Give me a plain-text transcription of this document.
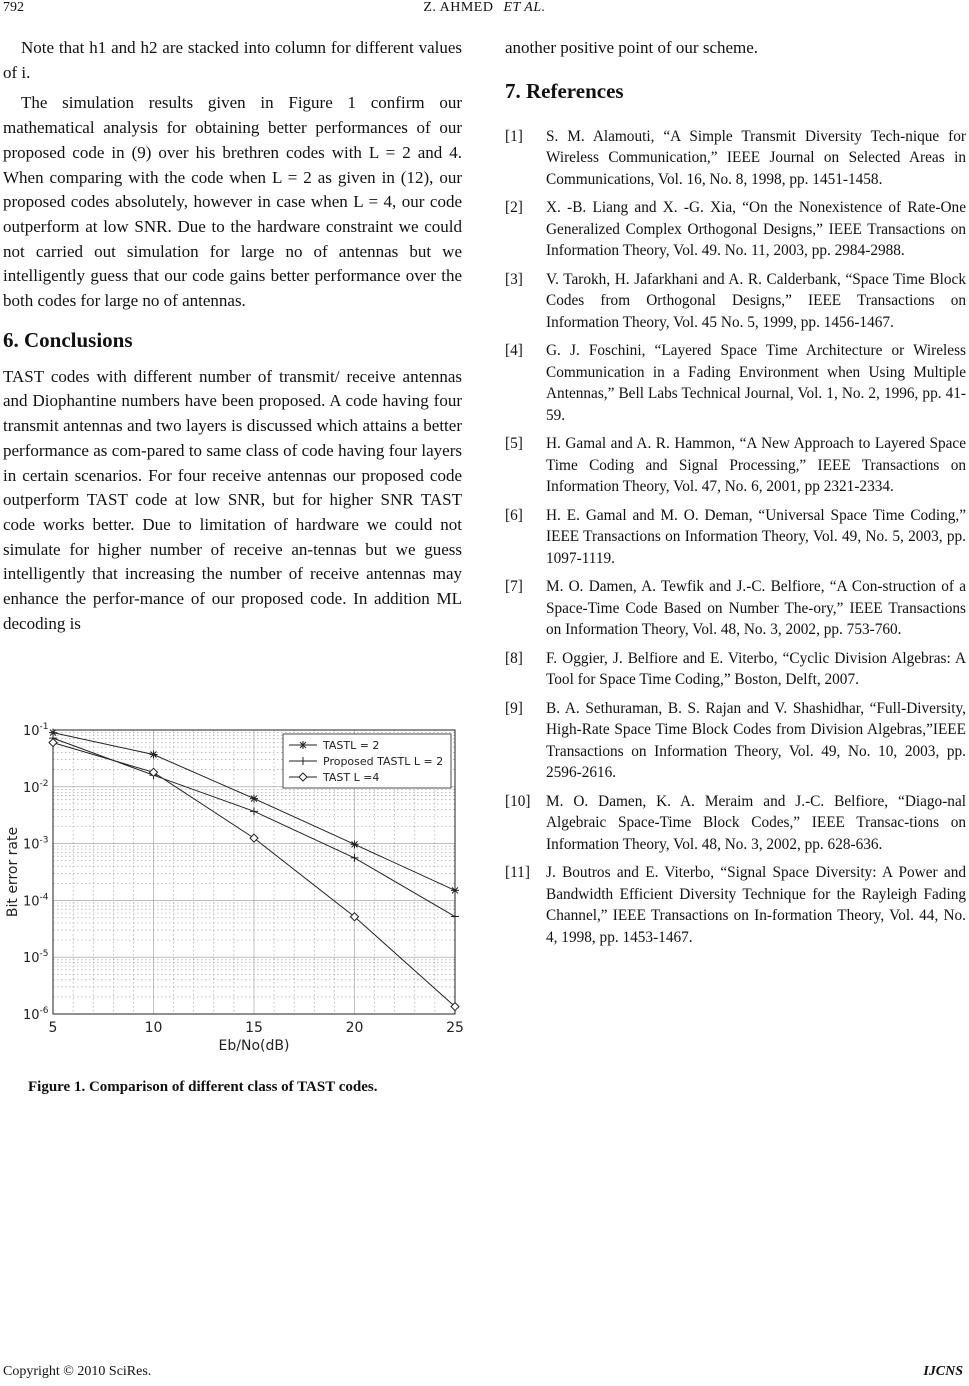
792	Z. AHMED ET AL.

Note that h1 and h2 are stacked into column for different values of i.

The simulation results given in Figure 1 confirm our mathematical analysis for obtaining better performances of our proposed code in (9) over his brethren codes with L = 2 and 4. When comparing with the code when L = 2 as given in (12), our proposed codes absolutely, however in case when L = 4, our code outperform at low SNR. Due to the hardware constraint we could not carried out simulation for large no of antennas but we intelligently guess that our code gains better performance over the both codes for large no of antennas.

6. Conclusions

TAST codes with different number of transmit/ receive antennas and Diophantine numbers have been proposed. A code having four transmit antennas and two layers is discussed which attains a better performance as com-pared to same class of code having four layers in certain scenarios. For four receive antennas our proposed code outperform TAST code at low SNR, but for higher SNR TAST code works better. Due to limitation of hardware we could not simulate for higher number of receive an-tennas but we guess intelligently that increasing the number of receive antennas may enhance the perfor-mance of our proposed code. In addition ML decoding is

5	10	15	20	25
$10^{-1}$
$10^{-2}$
$10^{-3}$
$10^{-4}$
$10^{-5}$
$10^{-6}$
Eb/No(dB)
Bit error rate
TASTL = 2
Proposed TASTL L = 2
TAST L =4
Figure 1. Comparison of different class of TAST codes.

another positive point of our scheme.

7. References
[1] S. M. Alamouti, “A Simple Transmit Diversity Tech-nique for Wireless Communication,” IEEE Journal on Selected Areas in Communications, Vol. 16, No. 8, 1998, pp. 1451-1458.
[2] X. -B. Liang and X. -G. Xia, “On the Nonexistence of Rate-One Generalized Complex Orthogonal Designs,” IEEE Transactions on Information Theory, Vol. 49. No. 11, 2003, pp. 2984-2988.
[3] V. Tarokh, H. Jafarkhani and A. R. Calderbank, “Space Time Block Codes from Orthogonal Designs,” IEEE Transactions on Information Theory, Vol. 45 No. 5, 1999, pp. 1456-1467.
[4] G. J. Foschini, “Layered Space Time Architecture or Wireless Communication in a Fading Environment when Using Multiple Antennas,” Bell Labs Technical Journal, Vol. 1, No. 2, 1996, pp. 41-59.
[5] H. Gamal and A. R. Hammon, “A New Approach to Layered Space Time Coding and Signal Processing,” IEEE Transactions on Information Theory, Vol. 47, No. 6, 2001, pp 2321-2334.
[6] H. E. Gamal and M. O. Deman, “Universal Space Time Coding,” IEEE Transactions on Information Theory, Vol. 49, No. 5, 2003, pp. 1097-1119.
[7] M. O. Damen, A. Tewfik and J.-C. Belfiore, “A Con-struction of a Space-Time Code Based on Number The-ory,” IEEE Transactions on Information Theory, Vol. 48, No. 3, 2002, pp. 753-760.
[8] F. Oggier, J. Belfiore and E. Viterbo, “Cyclic Division Algebras: A Tool for Space Time Coding,” Boston, Delft, 2007.
[9] B. A. Sethuraman, B. S. Rajan and V. Shashidhar, “Full-Diversity, High-Rate Space Time Block Codes from Division Algebras,”IEEE Transactions on Information Theory, Vol. 49, No. 10, 2003, pp. 2596-2616.
[10] M. O. Damen, K. A. Meraim and J.-C. Belfiore, “Diago-nal Algebraic Space-Time Block Codes,” IEEE Transac-tions on Information Theory, Vol. 48, No. 3, 2002, pp. 628-636.
[11] J. Boutros and E. Viterbo, “Signal Space Diversity: A Power and Bandwidth Efficient Diversity Technique for the Rayleigh Fading Channel,” IEEE Transactions on In-formation Theory, Vol. 44, No. 4, 1998, pp. 1453-1467.
Copyright © 2010 SciRes.	IJCNS
